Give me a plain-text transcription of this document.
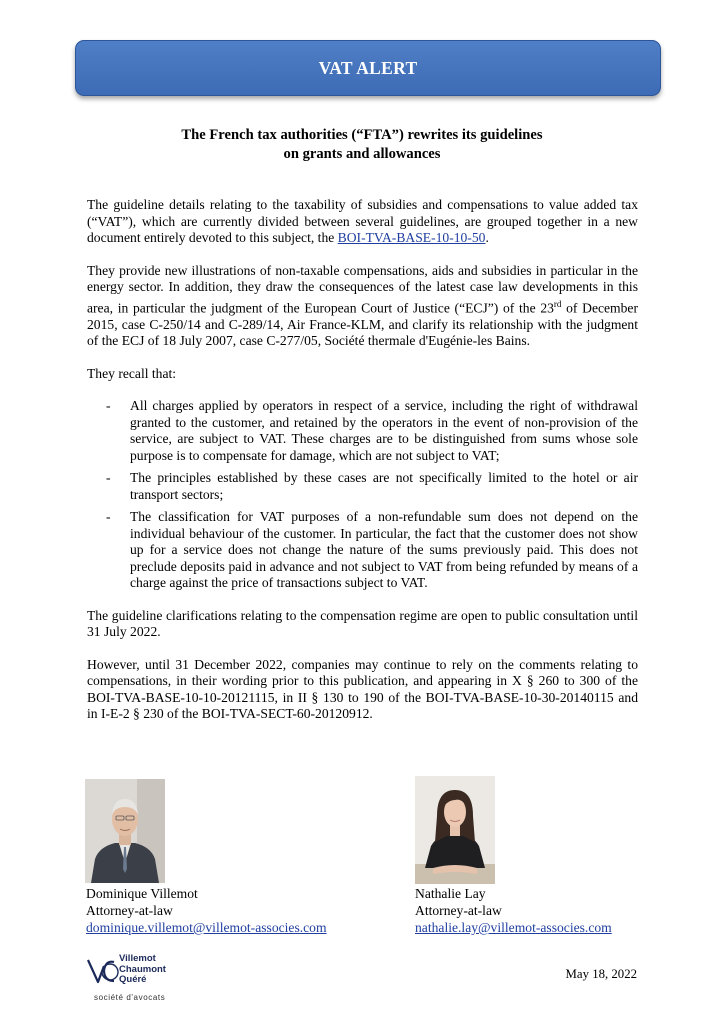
VAT ALERT
The French tax authorities (“FTA”) rewrites its guidelines
on grants and allowances

The guideline details relating to the taxability of subsidies and compensations to value added tax (“VAT”), which are currently divided between several guidelines, are grouped together in a new document entirely devoted to this subject, the BOI-TVA-BASE-10-10-50.

They provide new illustrations of non-taxable compensations, aids and subsidies in particular in the energy sector. In addition, they draw the consequences of the latest case law developments in this area, in particular the judgment of the European Court of Justice (“ECJ”) of the 23rd of December 2015, case C-250/14 and C-289/14, Air France-KLM, and clarify its relationship with the judgment of the ECJ of 18 July 2007, case C-277/05, Société thermale d'Eugénie-les Bains.

They recall that:

- All charges applied by operators in respect of a service, including the right of withdrawal granted to the customer, and retained by the operators in the event of non-provision of the service, are subject to VAT. These charges are to be distinguished from sums whose sole purpose is to compensate for damage, which are not subject to VAT;
- The principles established by these cases are not specifically limited to the hotel or air transport sectors;
- The classification for VAT purposes of a non-refundable sum does not depend on the individual behaviour of the customer. In particular, the fact that the customer does not show up for a service does not change the nature of the sums previously paid. This does not preclude deposits paid in advance and not subject to VAT from being refunded by means of a charge against the price of transactions subject to VAT.

The guideline clarifications relating to the compensation regime are open to public consultation until 31 July 2022.

However, until 31 December 2022, companies may continue to rely on the comments relating to compensations, in their wording prior to this publication, and appearing in X § 260 to 300 of the BOI-TVA-BASE-10-10-20121115, in II § 130 to 190 of the BOI-TVA-BASE-10-30-20140115 and in I-E-2 § 230 of the BOI-TVA-SECT-60-20120912.

Dominique Villemot
Attorney-at-law
dominique.villemot@villemot-associes.com
Nathalie Lay
Attorney-at-law
nathalie.lay@villemot-associes.com
Villemot
Chaumont
Quéré
société d'avocats
May 18, 2022
